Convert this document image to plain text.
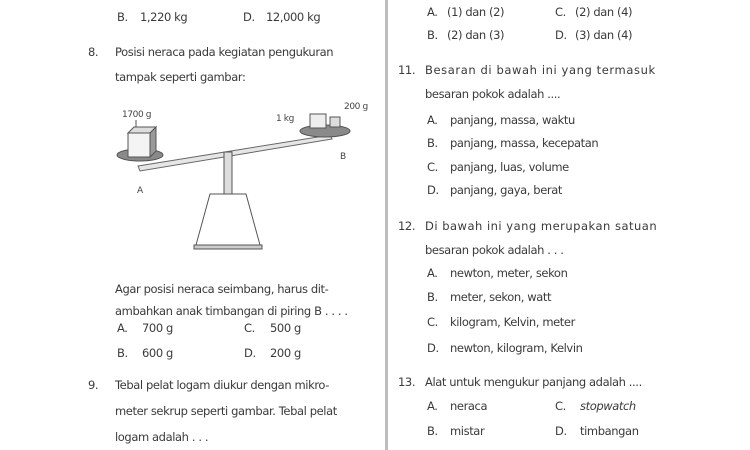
B. 1,220 kg	D. 12,000 kg
8. Posisi neraca pada kegiatan pengukuran
tampak seperti gambar:
1700 g	1 kg
200 g
B
A
Agar posisi neraca seimbang, harus dit-
ambahkan anak timbangan di piring B . . . .
A. 700 g	C. 500 g
B. 600 g	D. 200 g
9. Tebal pelat logam diukur dengan mikro-
meter sekrup seperti gambar. Tebal pelat
logam adalah . . .
A. (1) dan (2)	C. (2) dan (4)
B. (2) dan (3)	D. (3) dan (4)
11. Besaran di bawah ini yang termasuk
besaran pokok adalah ....
A. panjang, massa, waktu
B. panjang, massa, kecepatan
C. panjang, luas, volume
D. panjang, gaya, berat
12. Di bawah ini yang merupakan satuan
besaran pokok adalah . . .
A. newton, meter, sekon
B. meter, sekon, watt
C. kilogram, Kelvin, meter
D. newton, kilogram, Kelvin
13. Alat untuk mengukur panjang adalah ....
A. neraca	C. stopwatch
B. mistar	D. timbangan
